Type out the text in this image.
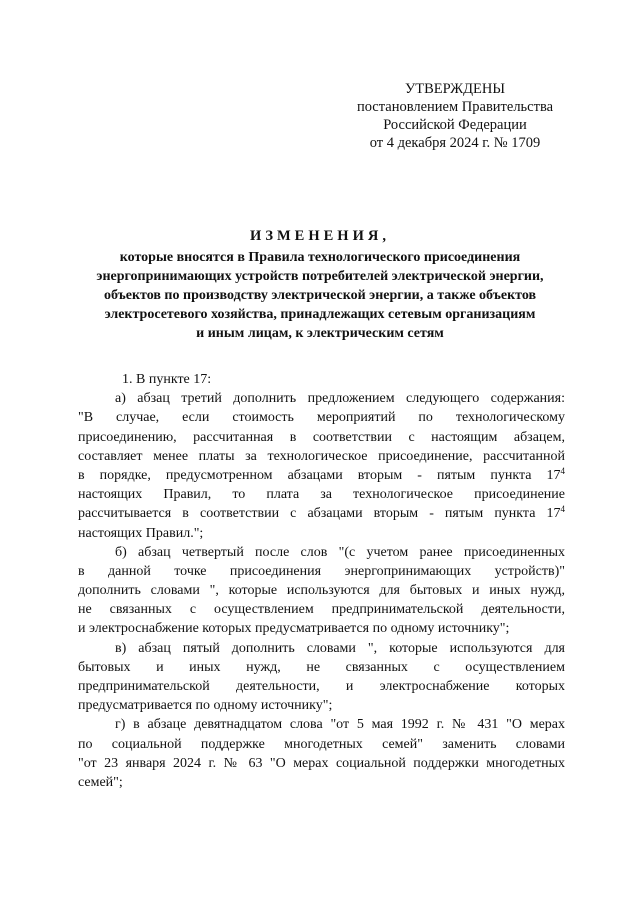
УТВЕРЖДЕНЫ
постановлением Правительства
Российской Федерации
от 4 декабря 2024 г. № 1709
ИЗМЕНЕНИЯ,
которые вносятся в Правила технологического присоединения
энергопринимающих устройств потребителей электрической энергии,
объектов по производству электрической энергии, а также объектов
электросетевого хозяйства, принадлежащих сетевым организациям
и иным лицам, к электрическим сетям
1. В пункте 17:
а) абзац третий дополнить предложением следующего содержания:
"В случае, если стоимость мероприятий по технологическому
присоединению, рассчитанная в соответствии с настоящим абзацем,
составляет менее платы за технологическое присоединение, рассчитанной
в порядке, предусмотренном абзацами вторым - пятым пункта $17^4$
настоящих Правил, то плата за технологическое присоединение
рассчитывается в соответствии с абзацами вторым - пятым пункта $17^4$
настоящих Правил.";
б) абзац четвертый после слов "(с учетом ранее присоединенных
в данной точке присоединения энергопринимающих устройств)"
дополнить словами ", которые используются для бытовых и иных нужд,
не связанных с осуществлением предпринимательской деятельности,
и электроснабжение которых предусматривается по одному источнику";
в) абзац пятый дополнить словами ", которые используются для
бытовых и иных нужд, не связанных с осуществлением
предпринимательской деятельности, и электроснабжение которых
предусматривается по одному источнику";
г) в абзаце девятнадцатом слова "от 5 мая 1992 г. № 431 "О мерах
по социальной поддержке многодетных семей" заменить словами
"от 23 января 2024 г. № 63 "О мерах социальной поддержки многодетных
семей";
